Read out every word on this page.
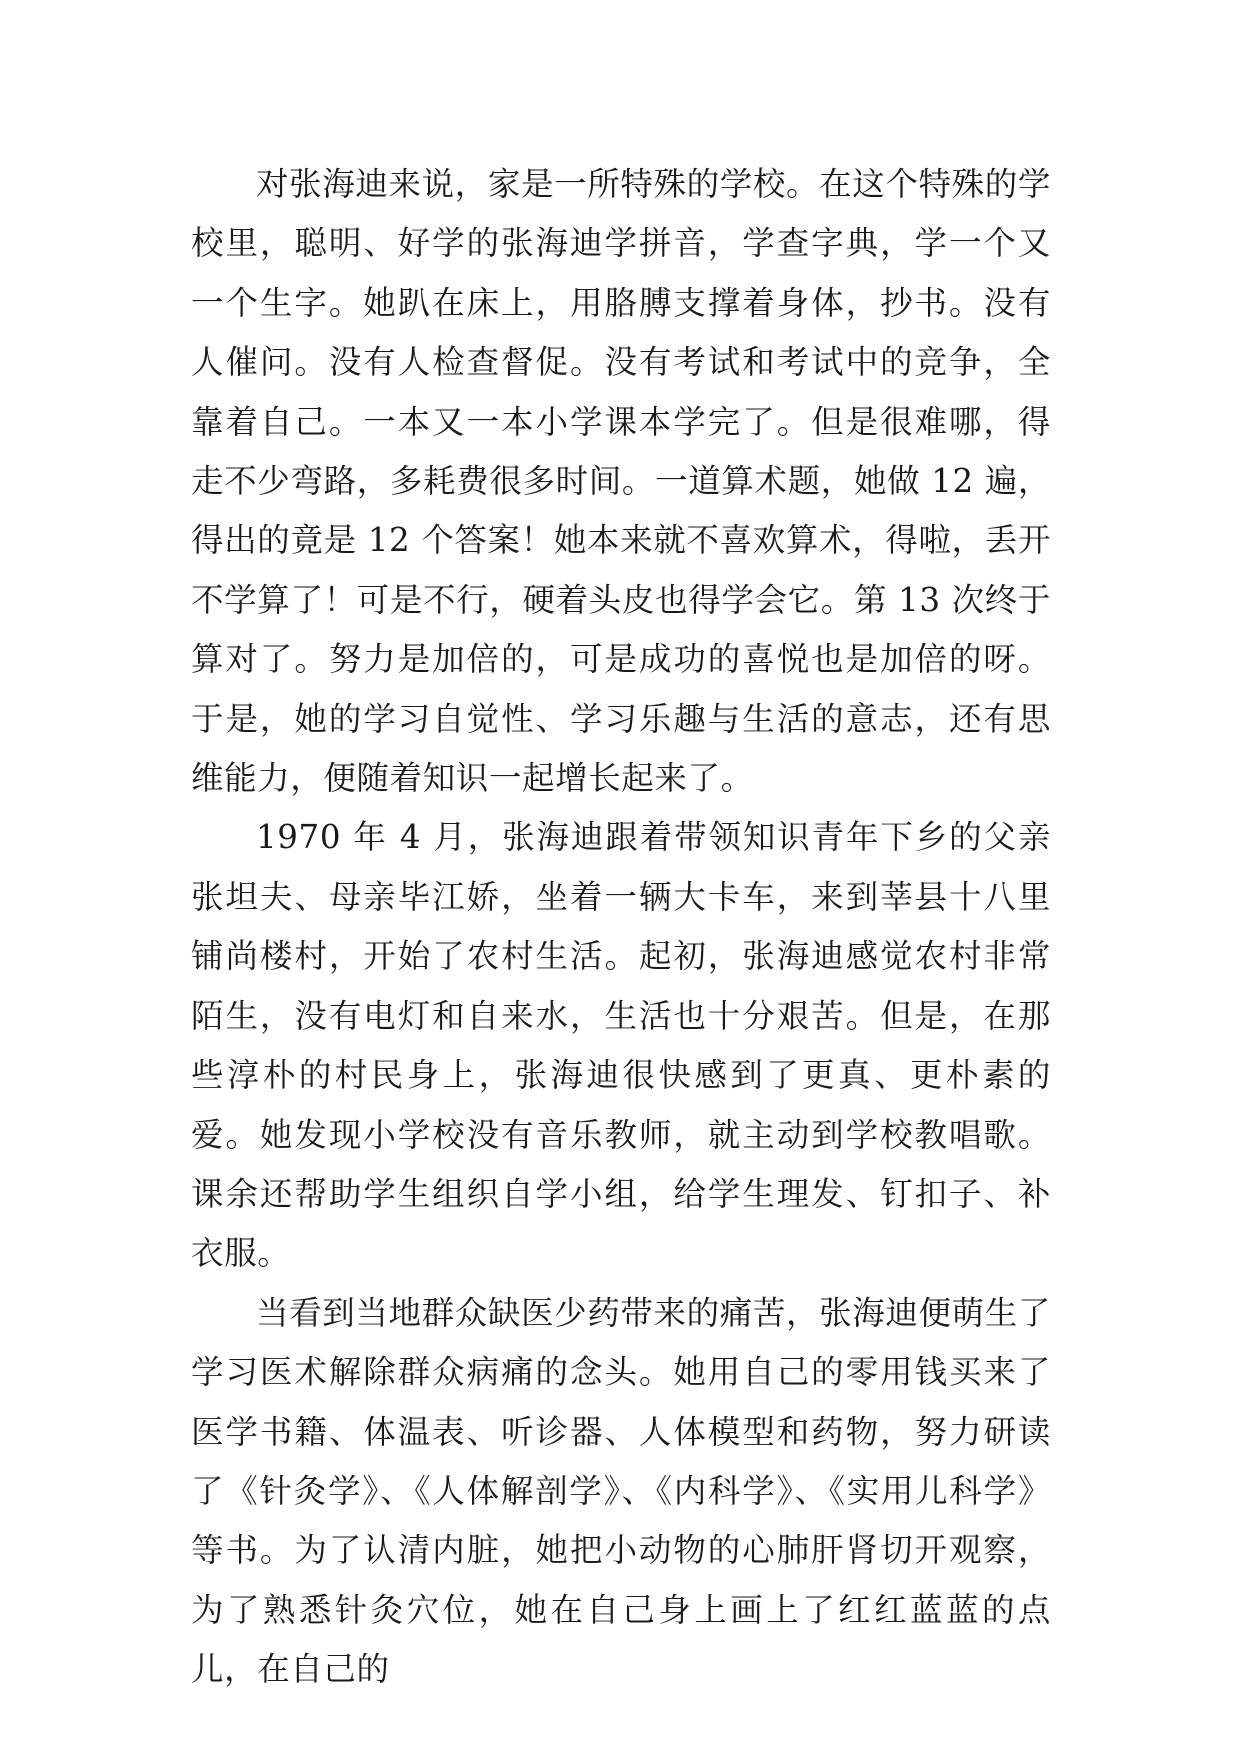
对张海迪来说，家是一所特殊的学校。在这个特殊的学校里，聪明、好学的张海迪学拼音，学查字典，学一个又一个生字。她趴在床上，用胳膊支撑着身体，抄书。没有人催问。没有人检查督促。没有考试和考试中的竞争，全靠着自己。一本又一本小学课本学完了。但是很难哪，得走不少弯路，多耗费很多时间。一道算术题，她做 12 遍，得出的竟是 12 个答案！她本来就不喜欢算术，得啦，丢开不学算了！可是不行，硬着头皮也得学会它。第 13 次终于算对了。努力是加倍的，可是成功的喜悦也是加倍的呀。于是，她的学习自觉性、学习乐趣与生活的意志，还有思维能力，便随着知识一起增长起来了。

1970 年 4 月，张海迪跟着带领知识青年下乡的父亲张坦夫、母亲毕江娇，坐着一辆大卡车，来到莘县十八里铺尚楼村，开始了农村生活。起初，张海迪感觉农村非常陌生，没有电灯和自来水，生活也十分艰苦。但是，在那些淳朴的村民身上，张海迪很快感到了更真、更朴素的爱。她发现小学校没有音乐教师，就主动到学校教唱歌。课余还帮助学生组织自学小组，给学生理发、钉扣子、补衣服。

当看到当地群众缺医少药带来的痛苦，张海迪便萌生了学习医术解除群众病痛的念头。她用自己的零用钱买来了医学书籍、体温表、听诊器、人体模型和药物，努力研读了《针灸学》、《人体解剖学》、《内科学》、《实用儿科学》等书。为了认清内脏，她把小动物的心肺肝肾切开观察，为了熟悉针灸穴位，她在自己身上画上了红红蓝蓝的点儿，在自己的
